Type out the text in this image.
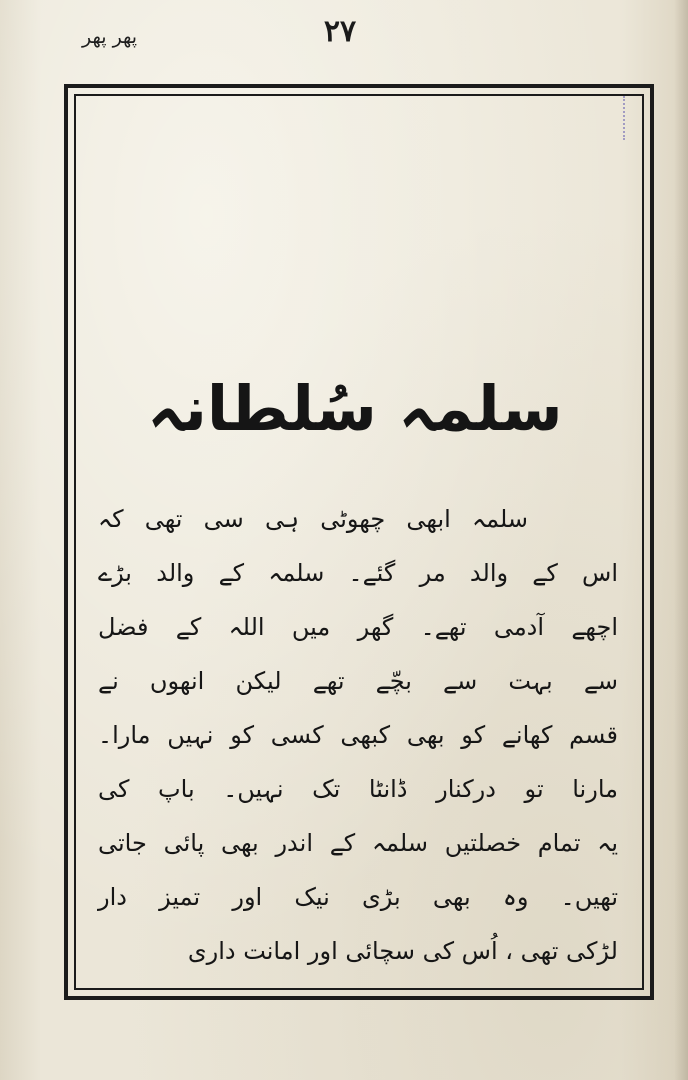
پھر پھر	٢٧
سلمہ سُلطانہ
سلمہ ابھی چھوٹی ہی سی تھی کہ
اس کے والد مر گئے۔ سلمہ کے والد بڑے
اچھے آدمی تھے۔ گھر میں اللہ کے فضل
سے بہت سے بچّے تھے لیکن انھوں نے
قسم کھانے کو بھی کبھی کسی کو نہیں مارا۔
مارنا تو درکنار ڈانٹا تک نہیں۔ باپ کی
یہ تمام خصلتیں سلمہ کے اندر بھی پائی جاتی
تھیں۔ وہ بھی بڑی نیک اور تمیز دار
لڑکی تھی ، اُس کی سچائی اور امانت داری
